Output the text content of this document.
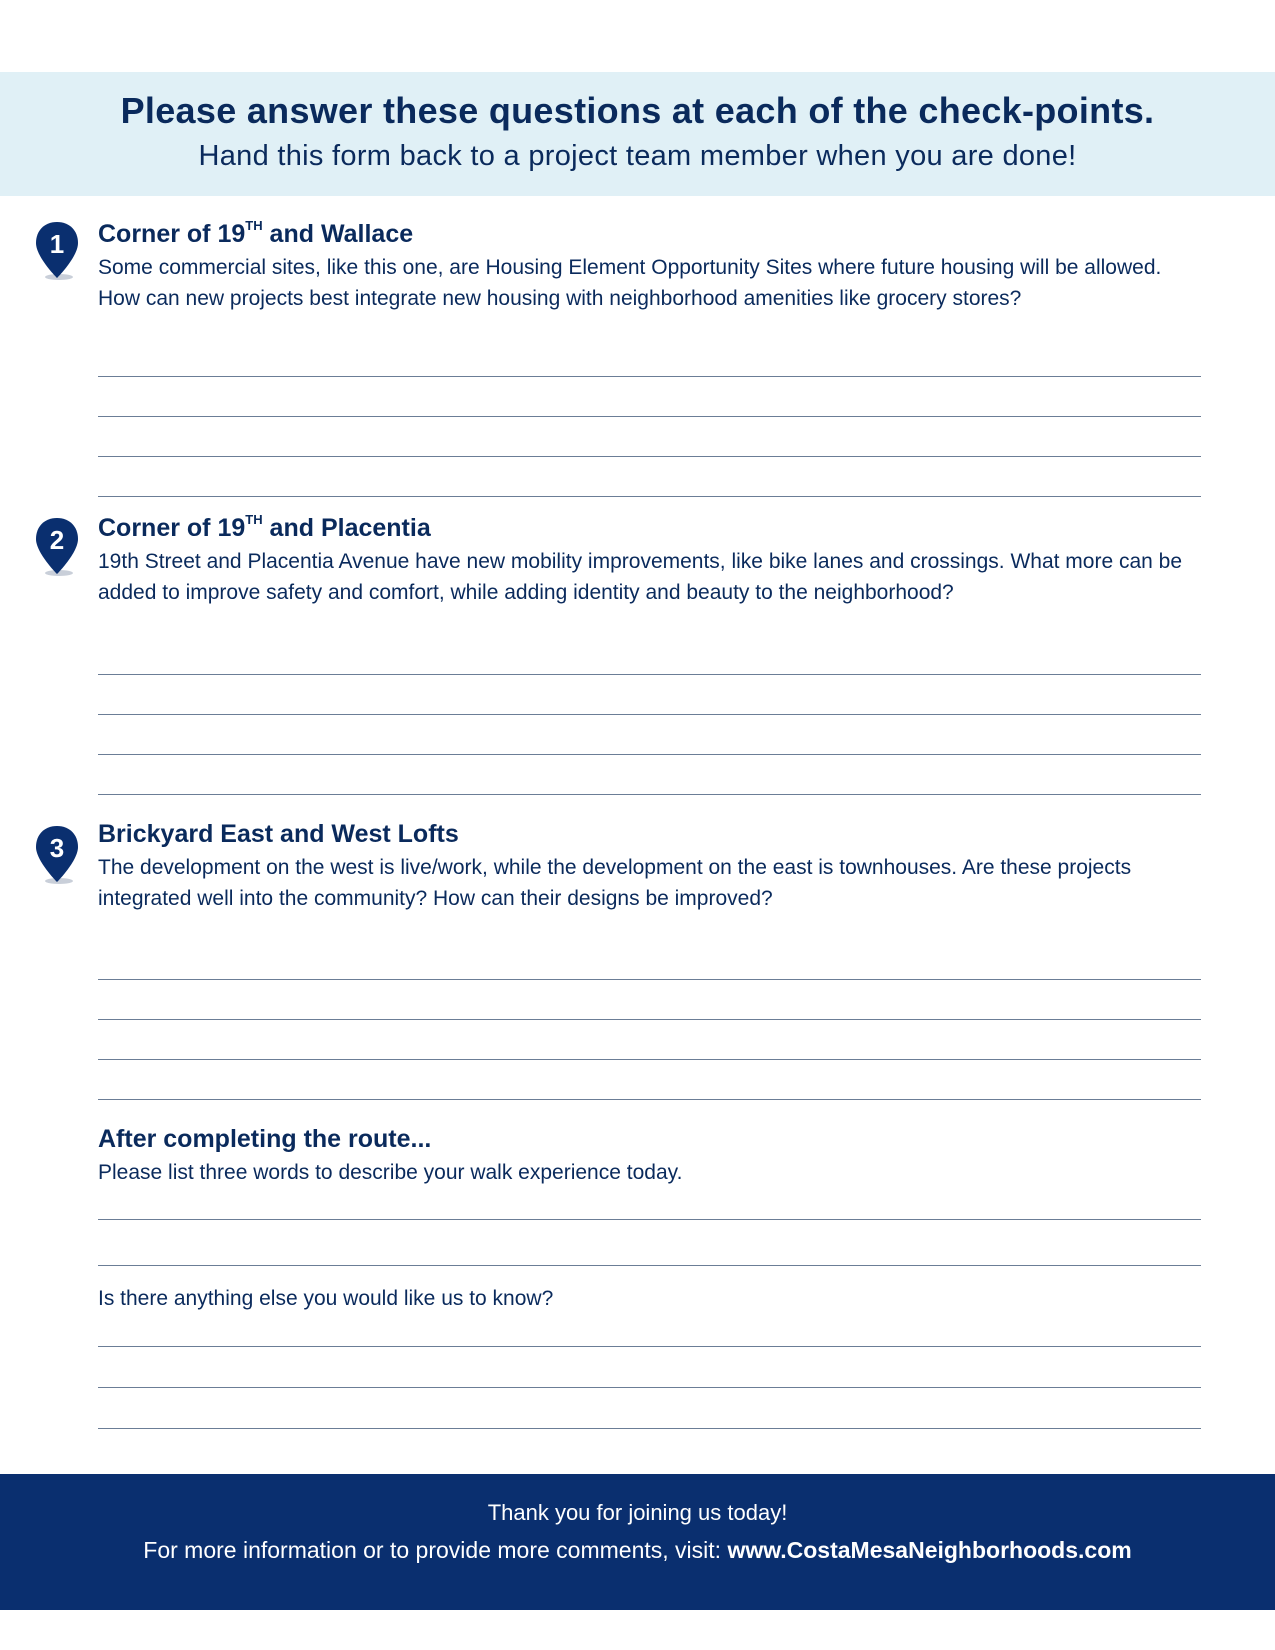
Please answer these questions at each of the check-points.
Hand this form back to a project team member when you are done!
1 Corner of 19TH and Wallace
Some commercial sites, like this one, are Housing Element Opportunity Sites where future housing will be allowed. How can new projects best integrate new housing with neighborhood amenities like grocery stores?
2 Corner of 19TH and Placentia
19th Street and Placentia Avenue have new mobility improvements, like bike lanes and crossings. What more can be added to improve safety and comfort, while adding identity and beauty to the neighborhood?
3 Brickyard East and West Lofts
The development on the west is live/work, while the development on the east is townhouses. Are these projects integrated well into the community? How can their designs be improved?
After completing the route...
Please list three words to describe your walk experience today.
Is there anything else you would like us to know?
Thank you for joining us today!
For more information or to provide more comments, visit: www.CostaMesaNeighborhoods.com
